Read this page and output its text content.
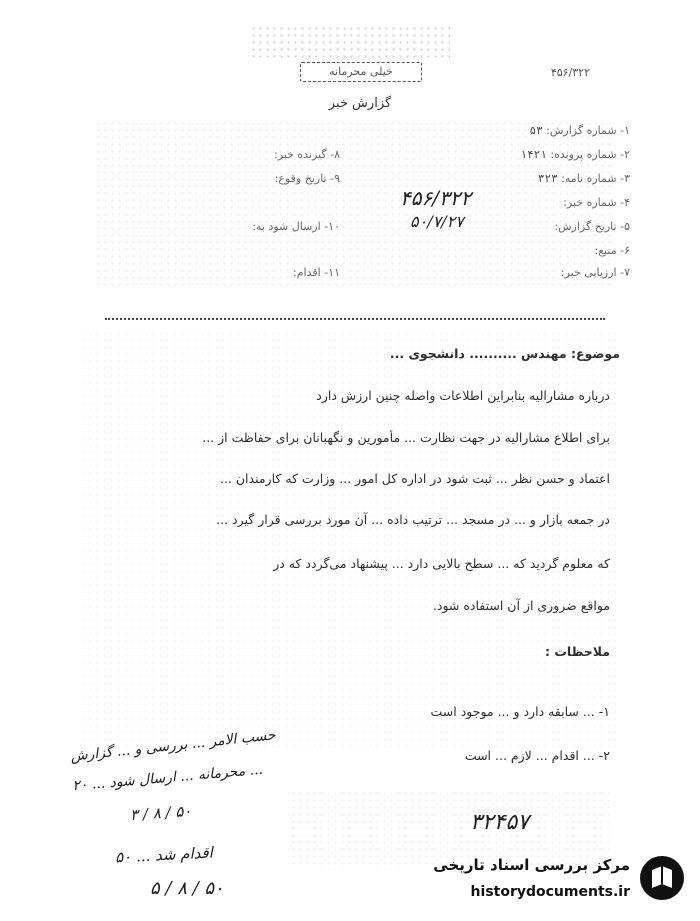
خیلی محرمانه
گزارش خبر
۴۵۶/۳۲۲
۱- شماره گزارش: ۵۳
۲- شماره پرونده: ۱۴۲۱
۳- شماره نامه: ۳۲۳
۴- شماره خبر:
۵- تاریخ گزارش:
۶- منبع:
۷- ارزیابی خبر:
۸- گیرنده خبر:
۹- تاریخ وقوع:
۱۰- ارسال شود به:
۱۱- اقدام:
۴۵۶/۳۲۲
۵۰/۷/۲۷
موضوع: مهندس .......... دانشجوی ...
درباره مشارالیه بنابراین اطلاعات واصله چنین ارزش دارد
برای اطلاع مشارالیه در جهت نظارت ... مأمورین و نگهبانان برای حفاظت از ...
اعتماد و حسن نظر ... ثبت شود در اداره کل امور ... وزارت که کارمندان ...
در جمعه بازار و ... در مسجد ... ترتیب داده ... آن مورد بررسی قرار گیرد ...
که معلوم گردید که ... سطح بالایی دارد ... پیشنهاد می‌گردد که در
مواقع ضروری از آن استفاده شود.
ملاحظات :
۱- ... سابقه دارد و ... موجود است
۲- ... اقدام ... لازم ... است
حسب الامر ... بررسی و ... گزارش
... محرمانه ... ارسال شود ... ۲۰
۵۰ / ۸ / ۳
اقدام شد ... ۵۰
۵۰ / ۸ / ۵
۳۲۴۵۷
مرکز بررسی اسناد تاریخی
historydocuments.ir
